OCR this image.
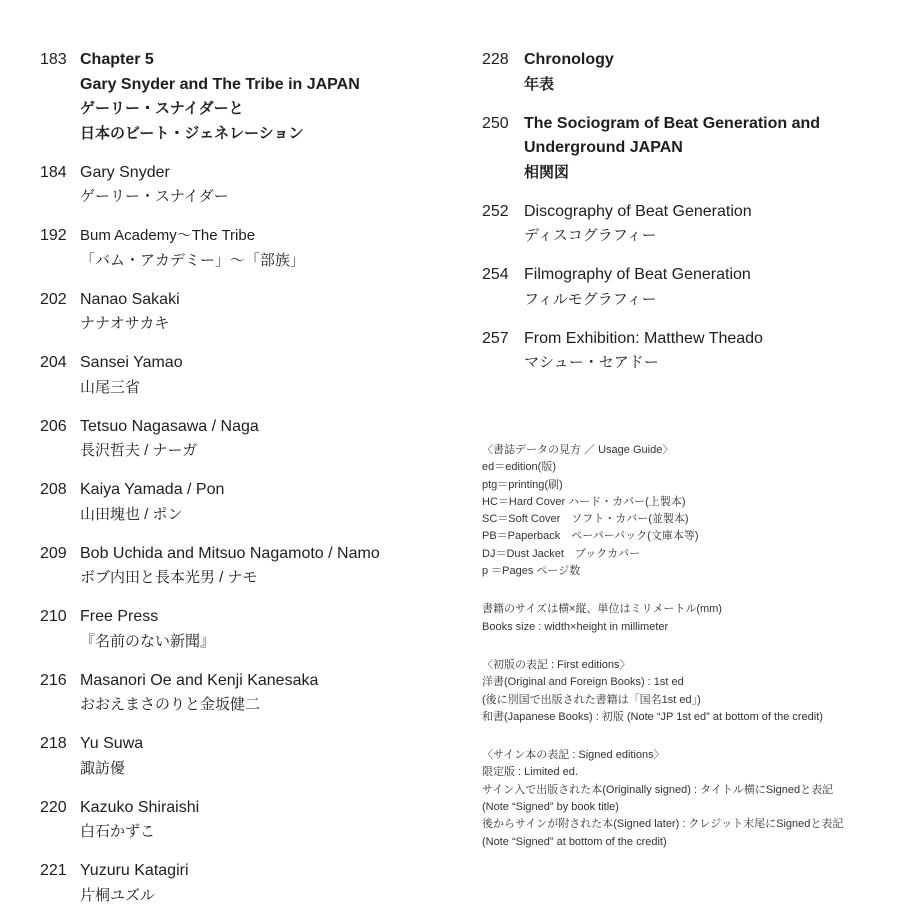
183 Chapter 5
Gary Snyder and The Tribe in JAPAN
ゲーリー・スナイダーと
日本のビート・ジェネレーション
184 Gary Snyder
ゲーリー・スナイダー
192 Bum Academy〜The Tribe
「バム・アカデミー」〜「部族」
202 Nanao Sakaki
ナナオサカキ
204 Sansei Yamao
山尾三省
206 Tetsuo Nagasawa / Naga
長沢哲夫 / ナーガ
208 Kaiya Yamada / Pon
山田塊也 / ポン
209 Bob Uchida and Mitsuo Nagamoto / Namo
ボブ内田と長本光男 / ナモ
210 Free Press
『名前のない新聞』
216 Masanori Oe and Kenji Kanesaka
おおえまさのりと金坂健二
218 Yu Suwa
諏訪優
220 Kazuko Shiraishi
白石かずこ
221 Yuzuru Katagiri
片桐ユズル
228 Chronology
年表
250 The Sociogram of Beat Generation and
Underground JAPAN
相関図
252 Discography of Beat Generation
ディスコグラフィー
254 Filmography of Beat Generation
フィルモグラフィー
257 From Exhibition: Matthew Theado
マシュー・セアドー
〈書誌データの見方 ／ Usage Guide〉
ed＝edition(版)
ptg＝printing(刷)
HC＝Hard Cover ハード・カバー(上製本)
SC＝Soft Cover　ソフト・カバー(並製本)
PB＝Paperback　ペーパーバック(文庫本等)
DJ＝Dust Jacket　ブックカバー
p ＝Pages ページ数
書籍のサイズは横×縦、単位はミリメートル(mm)
Books size : width×height in millimeter
〈初版の表記 : First editions〉
洋書(Original and Foreign Books) : 1st ed
(後に別国で出版された書籍は「国名1st ed」)
和書(Japanese Books) : 初版 (Note “JP 1st ed” at bottom of the credit)
〈サイン本の表記 : Signed editions〉
限定版 : Limited ed.
サイン入で出版された本(Originally signed) : タイトル横にSignedと表記
(Note “Signed” by book title)
後からサインが附された本(Signed later) : クレジット末尾にSignedと表記
(Note “Signed” at bottom of the credit)
